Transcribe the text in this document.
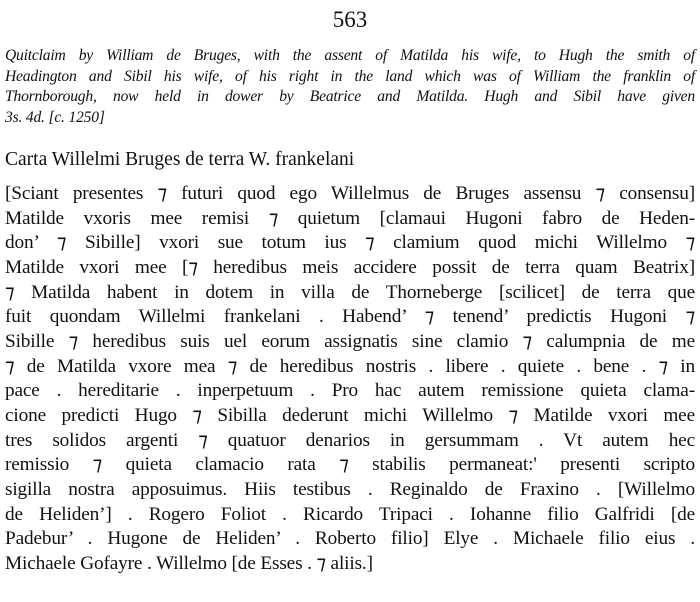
563
Quitclaim by William de Bruges, with the assent of Matilda his wife, to Hugh the smith of
Headington and Sibil his wife, of his right in the land which was of William the franklin of
Thornborough, now held in dower by Beatrice and Matilda. Hugh and Sibil have given
3s. 4d. [c. 1250]
Carta Willelmi Bruges de terra W. frankelani
[Sciant presentes ⁊ futuri quod ego Willelmus de Bruges assensu ⁊ consensu]
Matilde vxoris mee remisi ⁊ quietum [clamaui Hugoni fabro de Heden-
don’ ⁊ Sibille] vxori sue totum ius ⁊ clamium quod michi Willelmo ⁊
Matilde vxori mee [⁊ heredibus meis accidere possit de terra quam Beatrix]
⁊ Matilda habent in dotem in villa de Thorneberge [scilicet] de terra que
fuit quondam Willelmi frankelani . Habend’ ⁊ tenend’ predictis Hugoni ⁊
Sibille ⁊ heredibus suis uel eorum assignatis sine clamio ⁊ calumpnia de me
⁊ de Matilda vxore mea ⁊ de heredibus nostris . libere . quiete . bene . ⁊ in
pace . hereditarie . inperpetuum . Pro hac autem remissione quieta clama-
cione predicti Hugo ⁊ Sibilla dederunt michi Willelmo ⁊ Matilde vxori mee
tres solidos argenti ⁊ quatuor denarios in gersummam . Vt autem hec
remissio ⁊ quieta clamacio rata ⁊ stabilis permaneat:' presenti scripto
sigilla nostra apposuimus. Hiis testibus . Reginaldo de Fraxino . [Willelmo
de Heliden’] . Rogero Foliot . Ricardo Tripaci . Iohanne filio Galfridi [de
Padebur’ . Hugone de Heliden’ . Roberto filio] Elye . Michaele filio eius .
Michaele Gofayre . Willelmo [de Esses . ⁊ aliis.]
